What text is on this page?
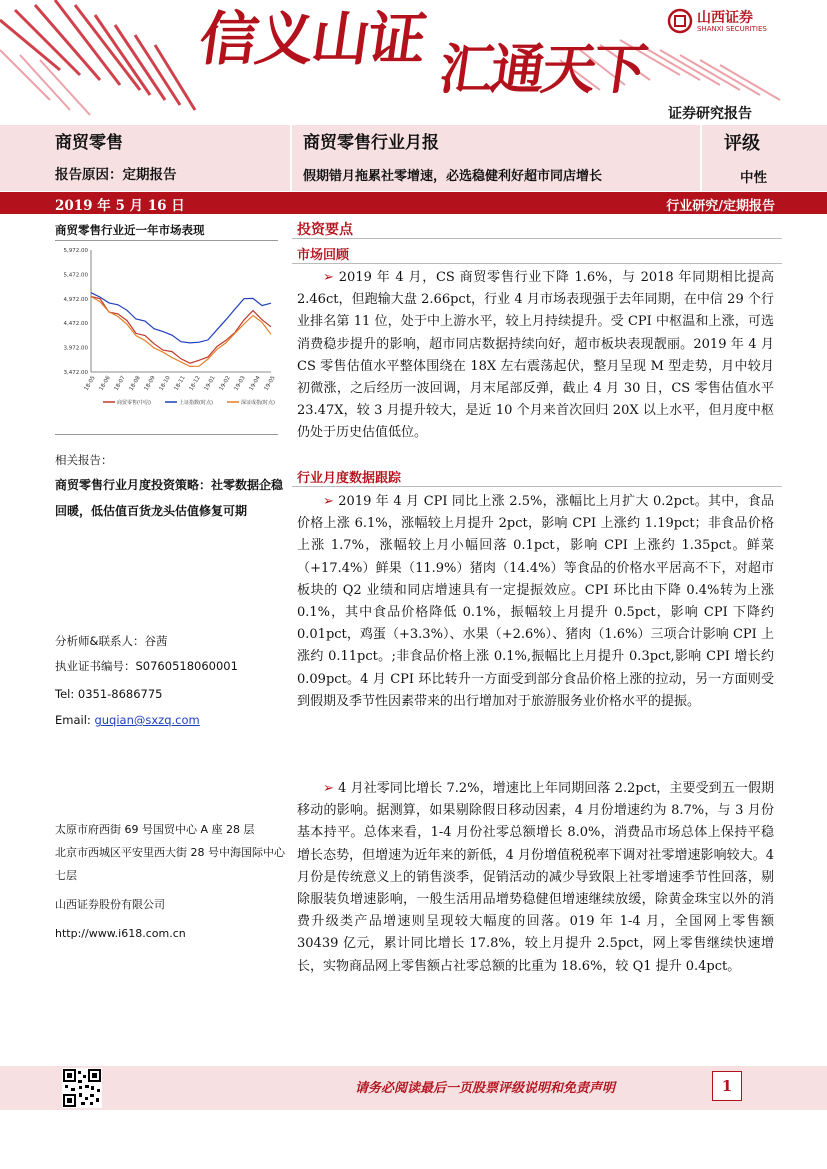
信义山证 汇通天下
山西证券
SHANXI SECURITIES
证券研究报告
商贸零售
报告原因：定期报告
商贸零售行业月报
假期错月拖累社零增速，必选稳健利好超市同店增长
评级
中性
2019 年 5 月 16 日	行业研究/定期报告
商贸零售行业近一年市场表现
3,472.00
3,972.00
4,472.00
4,972.00
5,472.00
5,972.00
18-05 18-06 18-07 18-08 18-09 18-10 18-11 18-12 19-01 19-02 19-03 19-04 19-05
商贸零售(中信)	上证指数(时点)	深证成指(时点)
相关报告：
商贸零售行业月度投资策略：社零数据企稳回暖，低估值百货龙头估值修复可期
分析师&联系人：谷茜
执业证书编号：S0760518060001
Tel: 0351-8686775
Email: guqian@sxzq.com
太原市府西街 69 号国贸中心 A 座 28 层
北京市西城区平安里西大街 28 号中海国际中心七层
山西证券股份有限公司
http://www.i618.com.cn
投资要点
市场回顾
➢ 2019 年 4 月，CS 商贸零售行业下降 1.6%，与 2018 年同期相比提高 2.46ct，但跑输大盘 2.66pct，行业 4 月市场表现强于去年同期，在中信 29 个行业排名第 11 位，处于中上游水平，较上月持续提升。受 CPI 中枢温和上涨，可选消费稳步提升的影响，超市同店数据持续向好，超市板块表现靓丽。2019 年 4 月 CS 零售估值水平整体围绕在 18X 左右震荡起伏，整月呈现 M 型走势，月中较月初微涨，之后经历一波回调，月末尾部反弹，截止 4 月 30 日，CS 零售估值水平 23.47X，较 3 月提升较大，是近 10 个月来首次回归 20X 以上水平，但月度中枢仍处于历史估值低位。
行业月度数据跟踪
➢ 2019 年 4 月 CPI 同比上涨 2.5%，涨幅比上月扩大 0.2pct。其中，食品价格上涨 6.1%，涨幅较上月提升 2pct，影响 CPI 上涨约 1.19pct；非食品价格上涨 1.7%，涨幅较上月小幅回落 0.1pct，影响 CPI 上涨约 1.35pct。鲜菜（+17.4%）鲜果（11.9%）猪肉（14.4%）等食品的价格水平居高不下，对超市板块的 Q2 业绩和同店增速具有一定提振效应。CPI 环比由下降 0.4%转为上涨 0.1%，其中食品价格降低 0.1%，振幅较上月提升 0.5pct，影响 CPI 下降约 0.01pct，鸡蛋（+3.3%）、水果（+2.6%）、猪肉（1.6%）三项合计影响 CPI 上涨约 0.11pct。;非食品价格上涨 0.1%,振幅比上月提升 0.3pct,影响 CPI 增长约 0.09pct。4 月 CPI 环比转升一方面受到部分食品价格上涨的拉动，另一方面则受到假期及季节性因素带来的出行增加对于旅游服务业价格水平的提振。
➢ 4 月社零同比增长 7.2%，增速比上年同期回落 2.2pct，主要受到五一假期移动的影响。据测算，如果剔除假日移动因素，4 月份增速约为 8.7%，与 3 月份基本持平。总体来看，1-4 月份社零总额增长 8.0%，消费品市场总体上保持平稳增长态势，但增速为近年来的新低，4 月份增值税税率下调对社零增速影响较大。4 月份是传统意义上的销售淡季，促销活动的减少导致限上社零增速季节性回落，剔除服装负增速影响，一般生活用品增势稳健但增速继续放缓，除黄金珠宝以外的消费升级类产品增速则呈现较大幅度的回落。019 年 1-4 月，全国网上零售额 30439 亿元，累计同比增长 17.8%，较上月提升 2.5pct，网上零售继续快速增长，实物商品网上零售额占社零总额的比重为 18.6%，较 Q1 提升 0.4pct。
请务必阅读最后一页股票评级说明和免责声明	1
